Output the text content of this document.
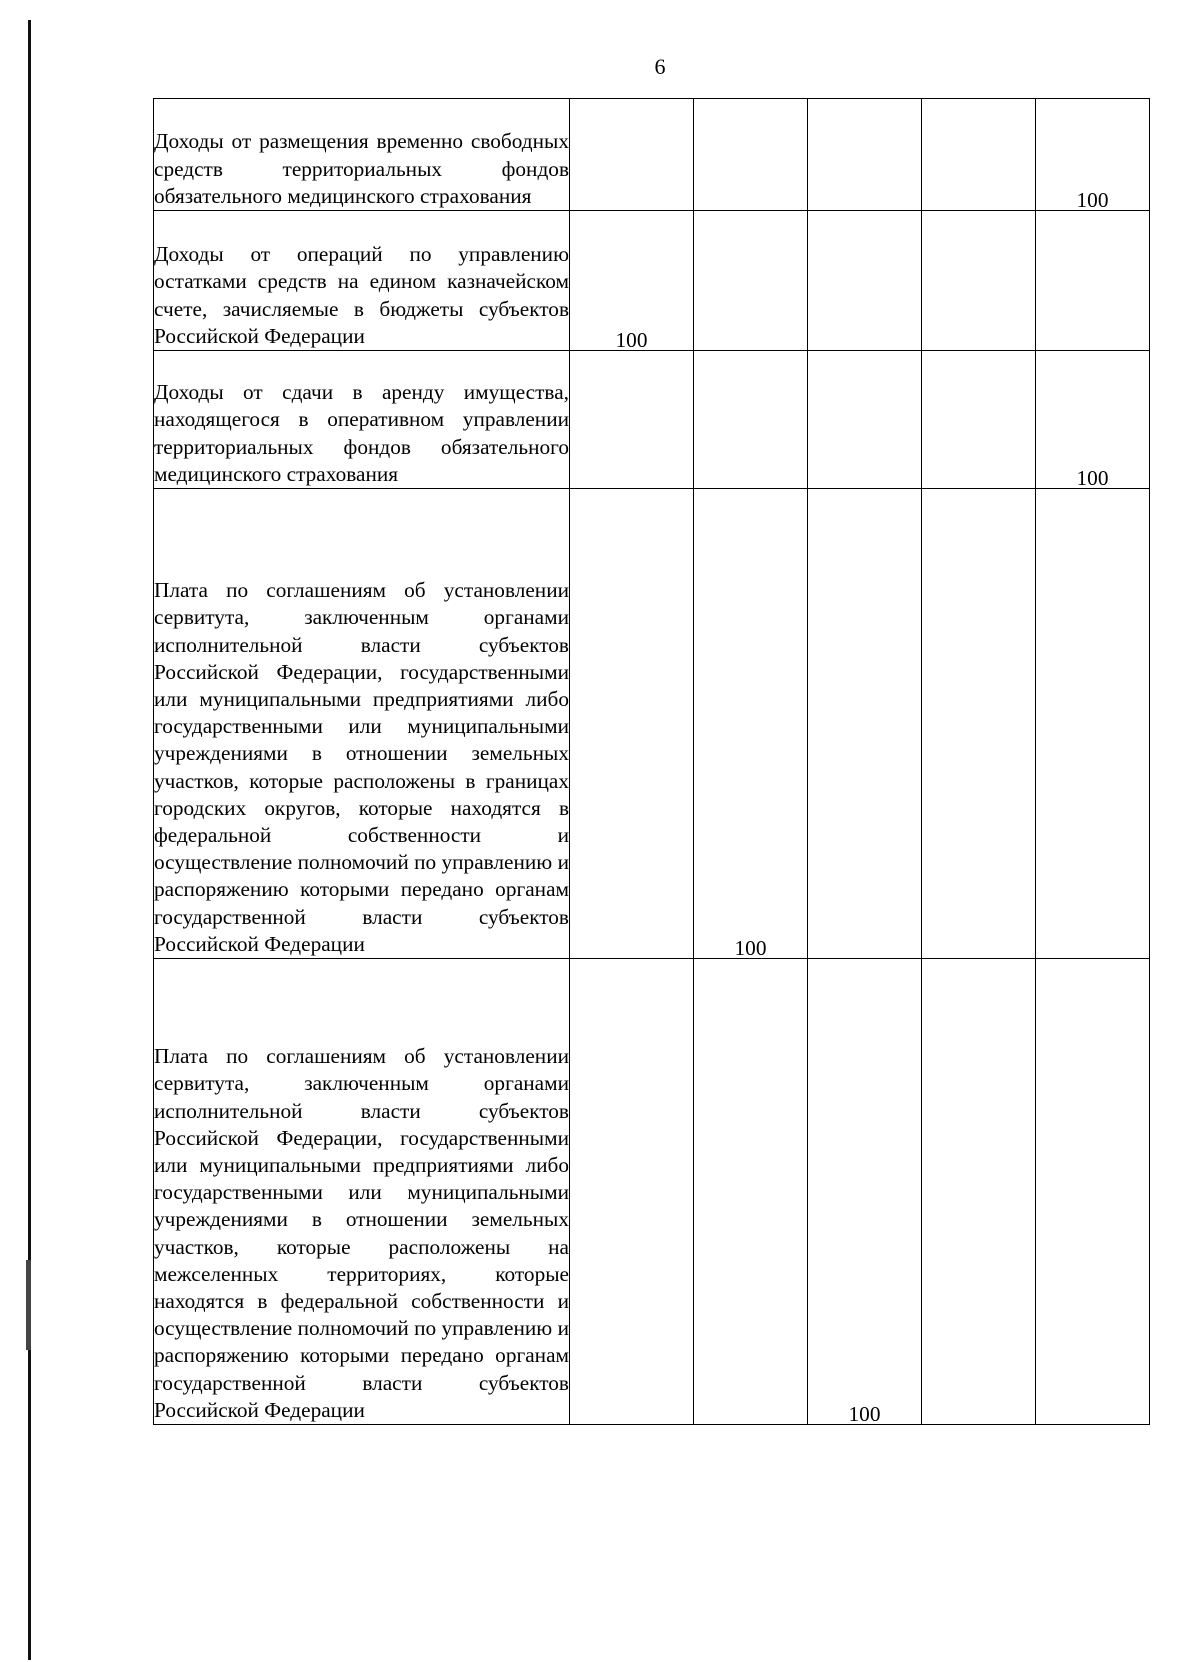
6
Доходы от размещения временно свободных средств территориальных фондов обязательного медицинского страхования					100
Доходы от операций по управлению остатками средств на едином казначейском счете, зачисляемые в бюджеты субъектов Российской Федерации	100				
Доходы от сдачи в аренду имущества, находящегося в оперативном управлении территориальных фондов обязательного медицинского страхования					100
Плата по соглашениям об установлении сервитута, заключенным органами исполнительной власти субъектов Российской Федерации, государственными или муниципальными предприятиями либо государственными или муниципальными учреждениями в отношении земельных участков, которые расположены в границах городских округов, которые находятся в федеральной собственности и осуществление полномочий по управлению и распоряжению которыми передано органам государственной власти субъектов Российской Федерации		100			
Плата по соглашениям об установлении сервитута, заключенным органами исполнительной власти субъектов Российской Федерации, государственными или муниципальными предприятиями либо государственными или муниципальными учреждениями в отношении земельных участков, которые расположены на межселенных территориях, которые находятся в федеральной собственности и осуществление полномочий по управлению и распоряжению которыми передано органам государственной власти субъектов Российской Федерации			100		
